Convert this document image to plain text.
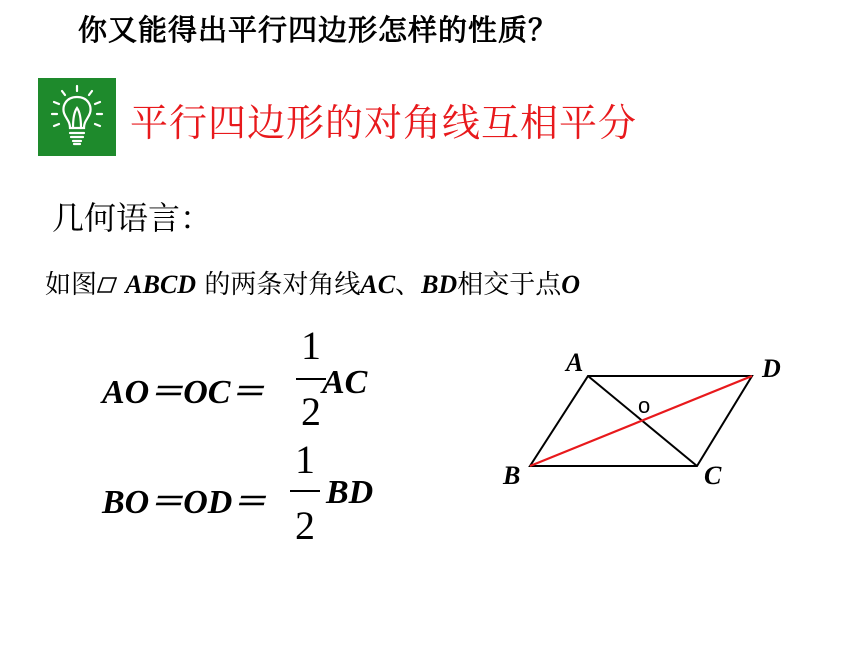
你又能得出平行四边形怎样的性质？
平行四边形的对角线互相平分
几何语言：
如图 ABCD 的两条对角线AC、BD相交于点O
AO＝OC＝
1
2
AC
BO＝OD＝
1
2
BD
A	D
B	C
o
